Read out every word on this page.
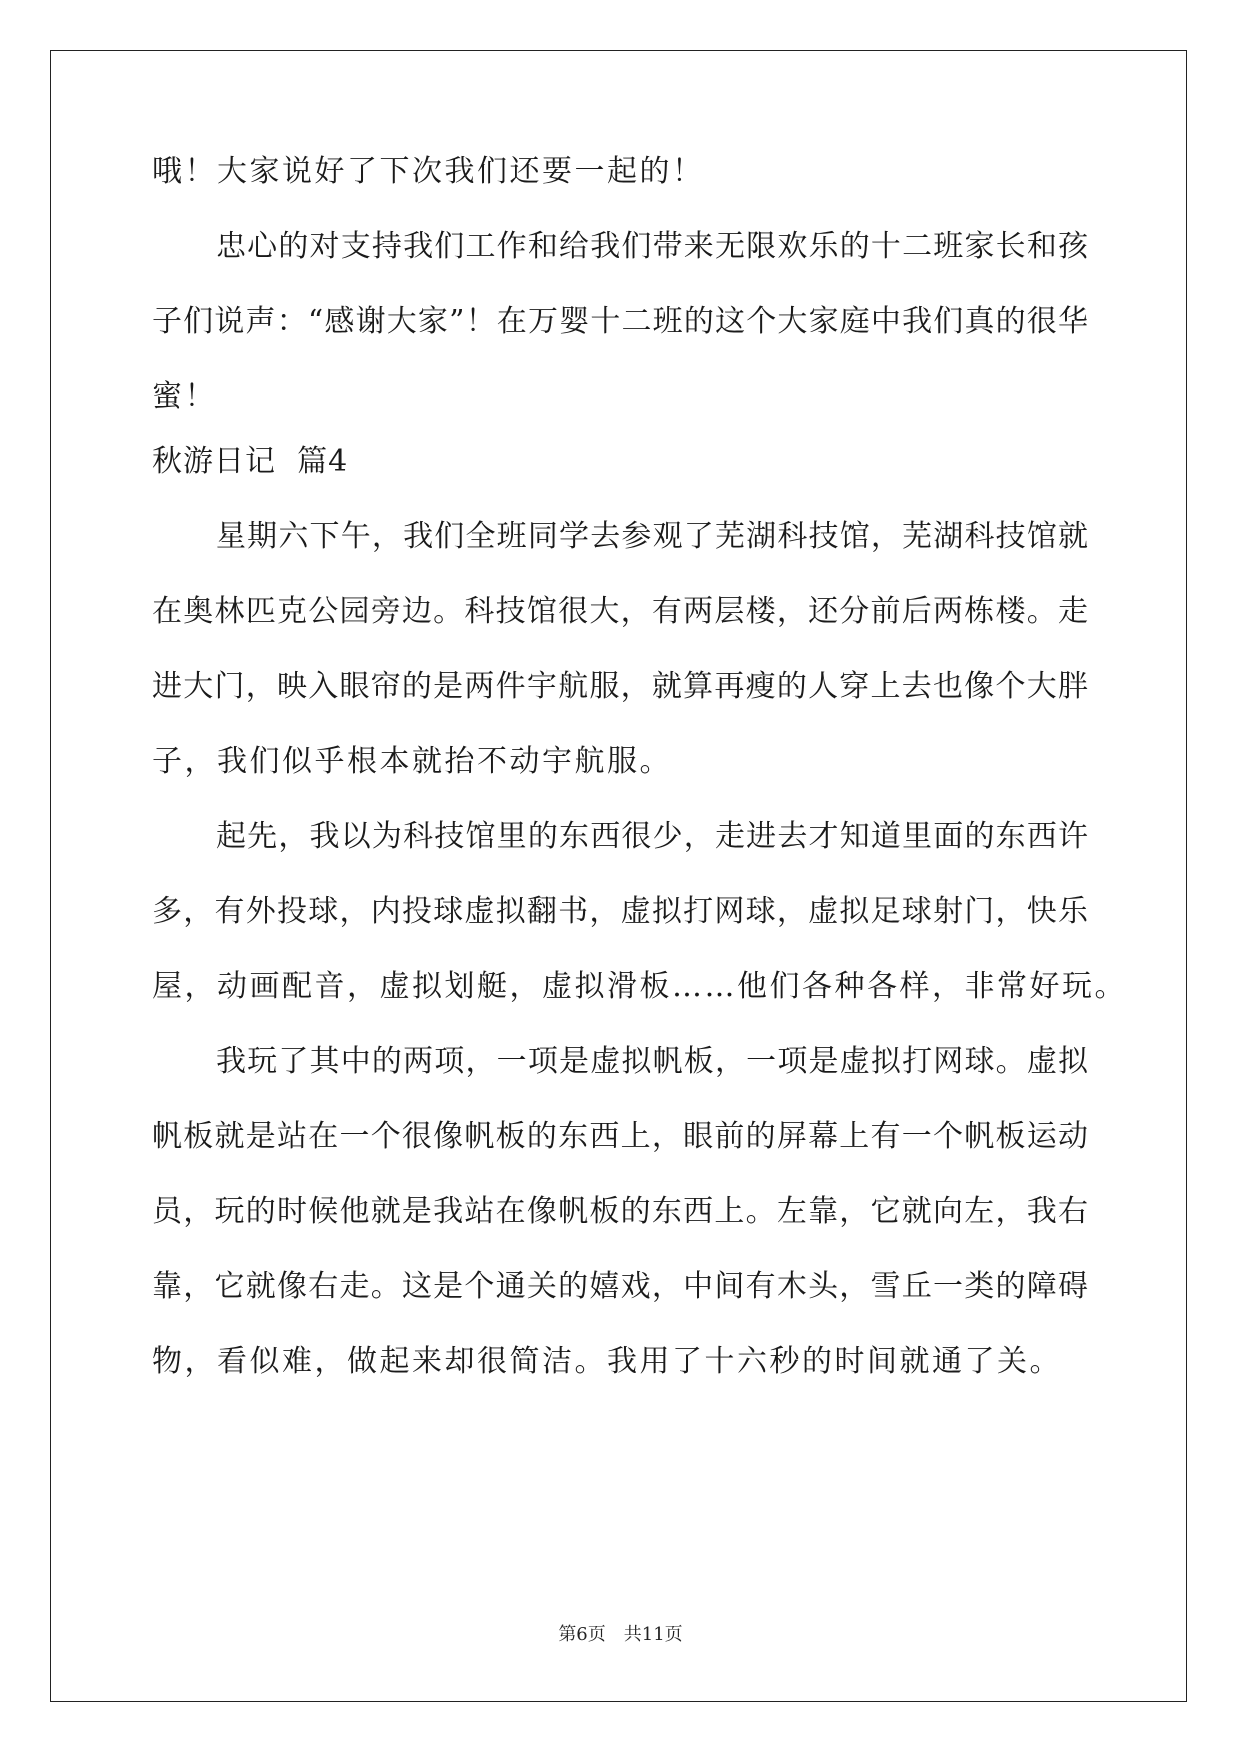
哦！大家说好了下次我们还要一起的！
忠心的对支持我们工作和给我们带来无限欢乐的十二班家长和孩
子们说声：“感谢大家”！在万婴十二班的这个大家庭中我们真的很华
蜜！
秋游日记  篇4
星期六下午，我们全班同学去参观了芜湖科技馆，芜湖科技馆就
在奥林匹克公园旁边。科技馆很大，有两层楼，还分前后两栋楼。走
进大门，映入眼帘的是两件宇航服，就算再瘦的人穿上去也像个大胖
子，我们似乎根本就抬不动宇航服。
起先，我以为科技馆里的东西很少，走进去才知道里面的东西许
多，有外投球，内投球虚拟翻书，虚拟打网球，虚拟足球射门，快乐
屋，动画配音，虚拟划艇，虚拟滑板……他们各种各样，非常好玩。
我玩了其中的两项，一项是虚拟帆板，一项是虚拟打网球。虚拟
帆板就是站在一个很像帆板的东西上，眼前的屏幕上有一个帆板运动
员，玩的时候他就是我站在像帆板的东西上。左靠，它就向左，我右
靠，它就像右走。这是个通关的嬉戏，中间有木头，雪丘一类的障碍
物，看似难，做起来却很简洁。我用了十六秒的时间就通了关。
第6页 共11页
